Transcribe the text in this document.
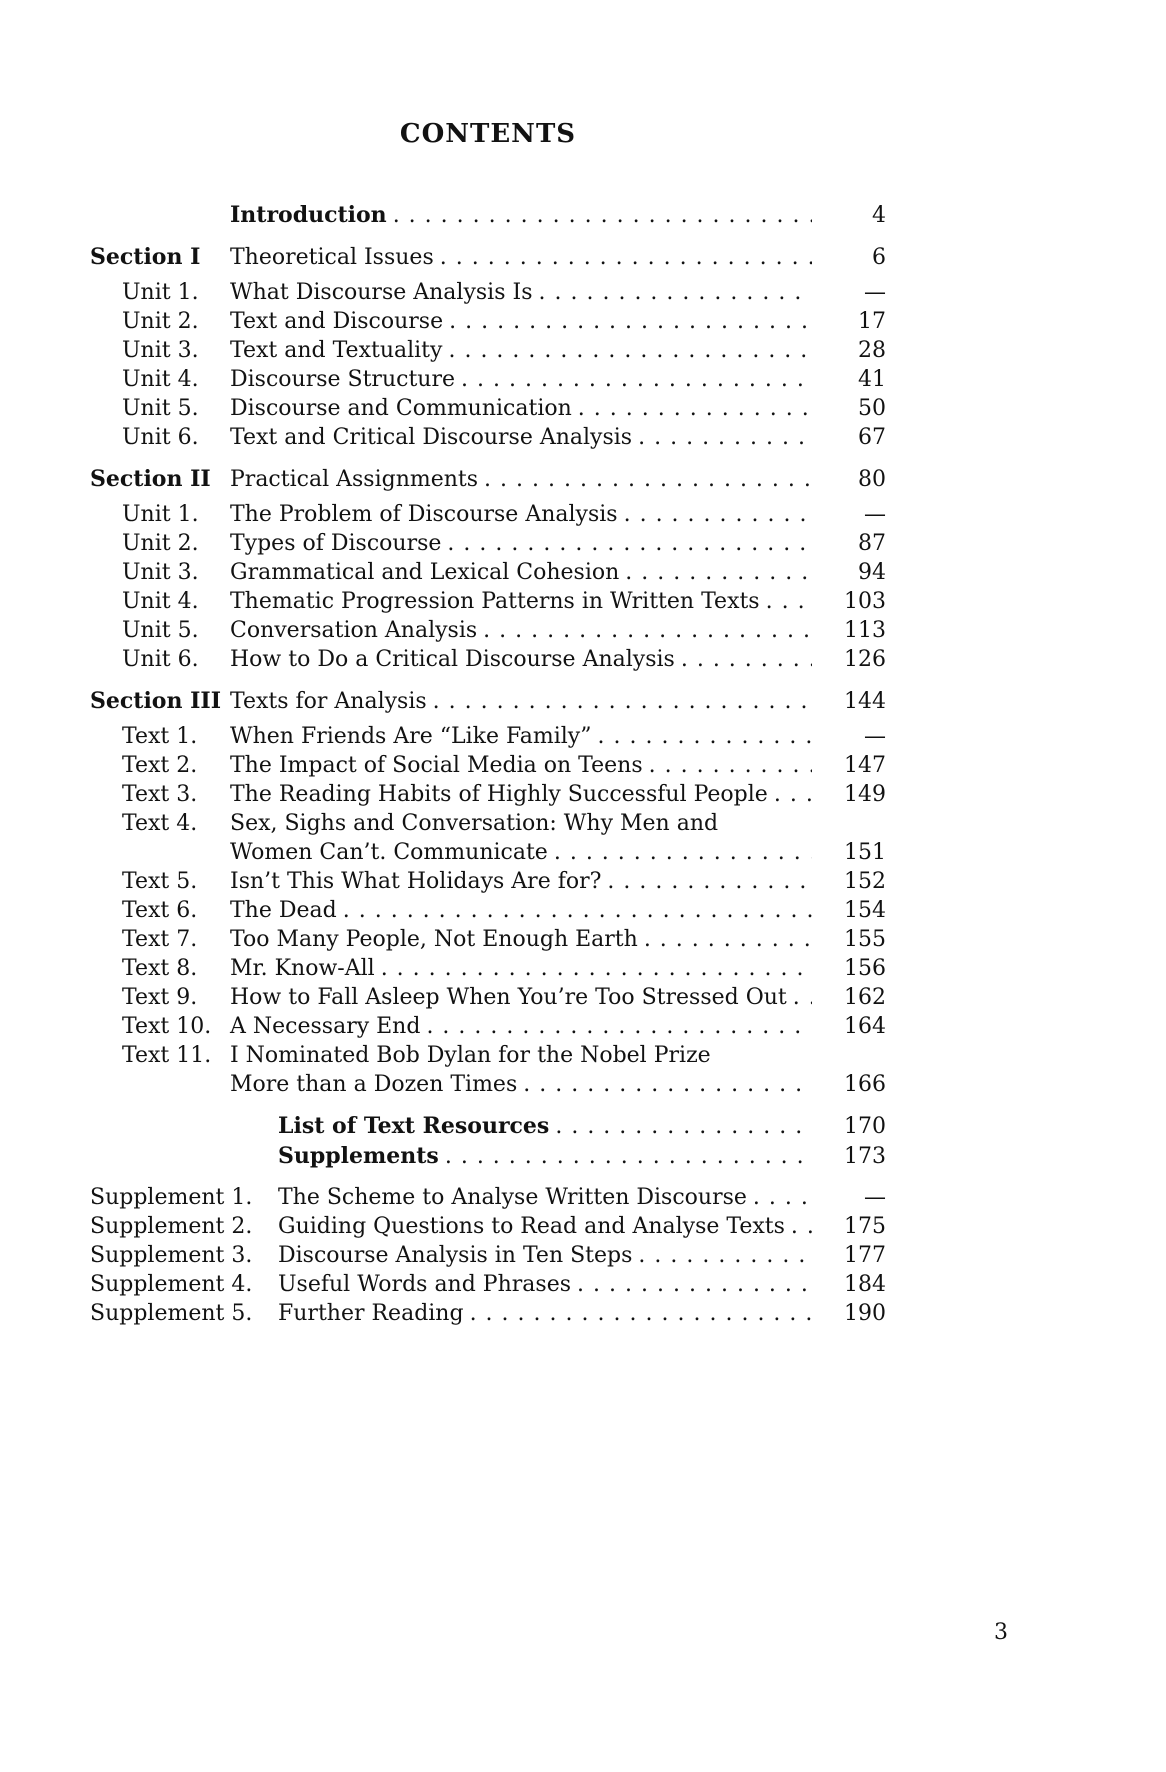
CONTENTS
Introduction .....	4
Section I	Theoretical Issues .....	6
Unit 1.	What Discourse Analysis Is .....	—
Unit 2.	Text and Discourse .....	17
Unit 3.	Text and Textuality .....	28
Unit 4.	Discourse Structure .....	41
Unit 5.	Discourse and Communication .....	50
Unit 6.	Text and Critical Discourse Analysis .....	67
Section II Practical Assignments .....	80
Unit 1.	The Problem of Discourse Analysis .....	—
Unit 2.	Types of Discourse .....	87
Unit 3.	Grammatical and Lexical Cohesion .....	94
Unit 4.	Thematic Progression Patterns in Written Texts .....	103
Unit 5.	Conversation Analysis .....	113
Unit 6.	How to Do a Critical Discourse Analysis .....	126
Section III Texts for Analysis .....	144
Text 1.	When Friends Are “Like Family” .....	—
Text 2.	The Impact of Social Media on Teens .....	147
Text 3.	The Reading Habits of Highly Successful People .....	149
Text 4.	Sex, Sighs and Conversation: Why Men and
Women Can’t. Communicate .....	151
Text 5.	Isn’t This What Holidays Are for? .....	152
Text 6.	The Dead .....	154
Text 7.	Too Many People, Not Enough Earth .....	155
Text 8.	Mr. Know-All .....	156
Text 9.	How to Fall Asleep When You’re Too Stressed Out .....	162
Text 10. A Necessary End .....	164
Text 11. I Nominated Bob Dylan for the Nobel Prize
More than a Dozen Times .....	166
List of Text Resources .....	170
Supplements .....	173
Supplement 1.	The Scheme to Analyse Written Discourse .....	—
Supplement 2.	Guiding Questions to Read and Analyse Texts .....	175
Supplement 3.	Discourse Analysis in Ten Steps .....	177
Supplement 4.	Useful Words and Phrases .....	184
Supplement 5.	Further Reading .....	190
3
